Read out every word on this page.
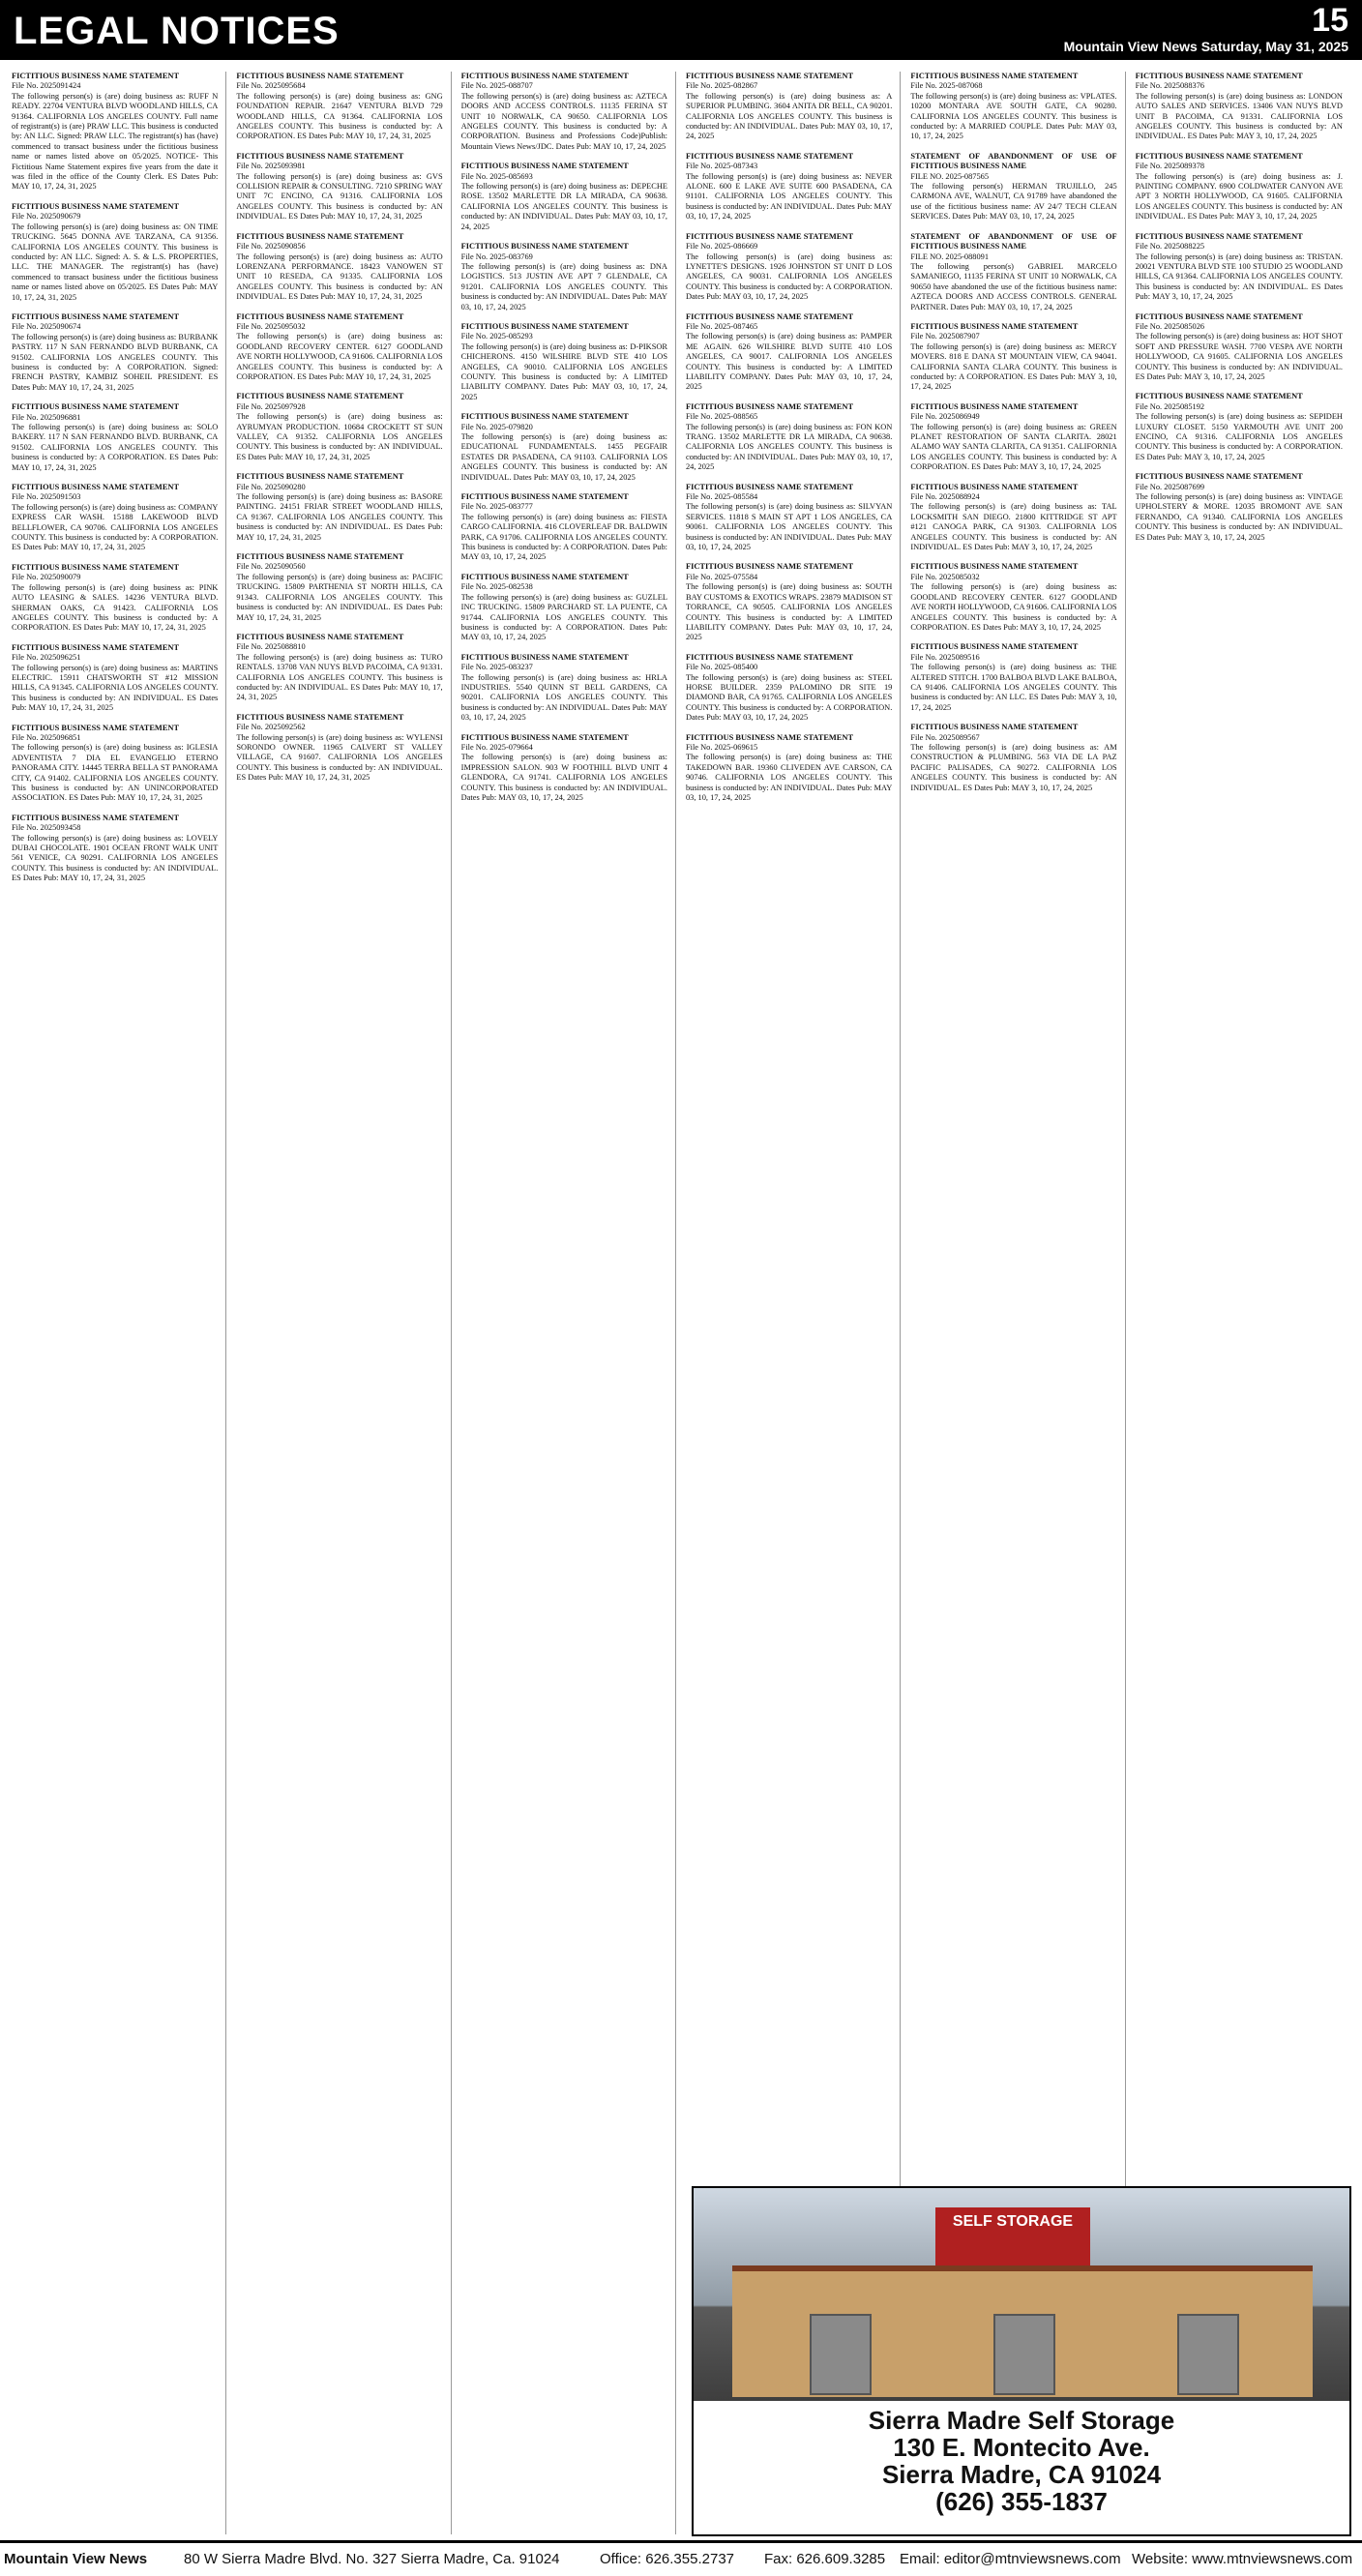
LEGAL NOTICES	15
Mountain View News Saturday, May 31, 2025
FICTITIOUS BUSINESS NAME STATEMENT
File No. 2025091424
The following person(s) is (are) doing business as: RUFF N READY. 22704 VENTURA BLVD WOODLAND HILLS, CA 91364. CALIFORNIA LOS ANGELES COUNTY. Full name of registrant(s) is (are) PRAW LLC. This business is conducted by: AN LLC. Signed: PRAW LLC. The registrant(s) has (have) commenced to transact business under the fictitious business name or names listed above on 05/2025. NOTICE- This Fictitious Name Statement expires five years from the date it was filed in the office of the County Clerk. ES Dates Pub: MAY 10, 17, 24, 31, 2025
FICTITIOUS BUSINESS NAME STATEMENT
File No. 2025090679
The following person(s) is (are) doing business as: ON TIME TRUCKING. 5645 DONNA AVE TARZANA, CA 91356. CALIFORNIA LOS ANGELES COUNTY. This business is conducted by: AN LLC. Signed: A. S. & L.S. PROPERTIES, LLC. THE MANAGER. The registrant(s) has (have) commenced to transact business under the fictitious business name or names listed above on 05/2025. ES Dates Pub: MAY 10, 17, 24, 31, 2025
FICTITIOUS BUSINESS NAME STATEMENT
File No. 2025090674
The following person(s) is (are) doing business as: BURBANK PASTRY. 117 N SAN FERNANDO BLVD BURBANK, CA 91502. CALIFORNIA LOS ANGELES COUNTY. This business is conducted by: A CORPORATION. Signed: FRENCH PASTRY, KAMBIZ SOHEIL PRESIDENT. ES Dates Pub: MAY 10, 17, 24, 31, 2025
FICTITIOUS BUSINESS NAME STATEMENT
File No. 2025096881
The following person(s) is (are) doing business as: SOLO BAKERY. 117 N SAN FERNANDO BLVD. BURBANK, CA 91502. CALIFORNIA LOS ANGELES COUNTY. This business is conducted by: A CORPORATION. ES Dates Pub: MAY 10, 17, 24, 31, 2025
FICTITIOUS BUSINESS NAME STATEMENT
File No. 2025091503
The following person(s) is (are) doing business as: COMPANY EXPRESS CAR WASH. 15188 LAKEWOOD BLVD BELLFLOWER, CA 90706. CALIFORNIA LOS ANGELES COUNTY. This business is conducted by: A CORPORATION. ES Dates Pub: MAY 10, 17, 24, 31, 2025
FICTITIOUS BUSINESS NAME STATEMENT
File No. 2025090079
The following person(s) is (are) doing business as: PINK AUTO LEASING & SALES. 14236 VENTURA BLVD. SHERMAN OAKS, CA 91423. CALIFORNIA LOS ANGELES COUNTY. This business is conducted by: A CORPORATION. ES Dates Pub: MAY 10, 17, 24, 31, 2025
FICTITIOUS BUSINESS NAME STATEMENT
File No. 2025096251
The following person(s) is (are) doing business as: MARTINS ELECTRIC. 15911 CHATSWORTH ST #12 MISSION HILLS, CA 91345. CALIFORNIA LOS ANGELES COUNTY. This business is conducted by: AN INDIVIDUAL. ES Dates Pub: MAY 10, 17, 24, 31, 2025
FICTITIOUS BUSINESS NAME STATEMENT
File No. 2025096851
The following person(s) is (are) doing business as: IGLESIA ADVENTISTA 7 DIA EL EVANGELIO ETERNO PANORAMA CITY. 14445 TERRA BELLA ST PANORAMA CITY, CA 91402. CALIFORNIA LOS ANGELES COUNTY. This business is conducted by: AN UNINCORPORATED ASSOCIATION. ES Dates Pub: MAY 10, 17, 24, 31, 2025
FICTITIOUS BUSINESS NAME STATEMENT
File No. 2025093458
The following person(s) is (are) doing business as: LOVELY DUBAI CHOCOLATE. 1901 OCEAN FRONT WALK UNIT 561 VENICE, CA 90291. CALIFORNIA LOS ANGELES COUNTY. This business is conducted by: AN INDIVIDUAL. ES Dates Pub: MAY 10, 17, 24, 31, 2025
FICTITIOUS BUSINESS NAME STATEMENT
File No. 2025095684
The following person(s) is (are) doing business as: GNG FOUNDATION REPAIR. 21647 VENTURA BLVD 729 WOODLAND HILLS, CA 91364. CALIFORNIA LOS ANGELES COUNTY. This business is conducted by: A CORPORATION. ES Dates Pub: MAY 10, 17, 24, 31, 2025
FICTITIOUS BUSINESS NAME STATEMENT
File No. 2025093981
The following person(s) is (are) doing business as: GVS COLLISION REPAIR & CONSULTING. 7210 SPRING WAY UNIT 7C ENCINO, CA 91316. CALIFORNIA LOS ANGELES COUNTY. This business is conducted by: AN INDIVIDUAL. ES Dates Pub: MAY 10, 17, 24, 31, 2025
FICTITIOUS BUSINESS NAME STATEMENT
File No. 2025090856
The following person(s) is (are) doing business as: AUTO LORENZANA PERFORMANCE. 18423 VANOWEN ST UNIT 10 RESEDA, CA 91335. CALIFORNIA LOS ANGELES COUNTY. This business is conducted by: AN INDIVIDUAL. ES Dates Pub: MAY 10, 17, 24, 31, 2025
FICTITIOUS BUSINESS NAME STATEMENT
File No. 2025095032
The following person(s) is (are) doing business as: GOODLAND RECOVERY CENTER. 6127 GOODLAND AVE NORTH HOLLYWOOD, CA 91606. CALIFORNIA LOS ANGELES COUNTY. This business is conducted by: A CORPORATION. ES Dates Pub: MAY 10, 17, 24, 31, 2025
FICTITIOUS BUSINESS NAME STATEMENT
File No. 2025097928
The following person(s) is (are) doing business as: AYRUMYAN PRODUCTION. 10684 CROCKETT ST SUN VALLEY, CA 91352. CALIFORNIA LOS ANGELES COUNTY. This business is conducted by: AN INDIVIDUAL. ES Dates Pub: MAY 10, 17, 24, 31, 2025
FICTITIOUS BUSINESS NAME STATEMENT
File No. 2025090280
The following person(s) is (are) doing business as: BASORE PAINTING. 24151 FRIAR STREET WOODLAND HILLS, CA 91367. CALIFORNIA LOS ANGELES COUNTY. This business is conducted by: AN INDIVIDUAL. ES Dates Pub: MAY 10, 17, 24, 31, 2025
FICTITIOUS BUSINESS NAME STATEMENT
File No. 2025090560
The following person(s) is (are) doing business as: PACIFIC TRUCKING. 15809 PARTHENIA ST NORTH HILLS, CA 91343. CALIFORNIA LOS ANGELES COUNTY. This business is conducted by: AN INDIVIDUAL. ES Dates Pub: MAY 10, 17, 24, 31, 2025
FICTITIOUS BUSINESS NAME STATEMENT
File No. 2025088810
The following person(s) is (are) doing business as: TURO RENTALS. 13708 VAN NUYS BLVD PACOIMA, CA 91331. CALIFORNIA LOS ANGELES COUNTY. This business is conducted by: AN INDIVIDUAL. ES Dates Pub: MAY 10, 17, 24, 31, 2025
FICTITIOUS BUSINESS NAME STATEMENT
File No. 2025092562
The following person(s) is (are) doing business as: WYLENSI SORONDO OWNER. 11965 CALVERT ST VALLEY VILLAGE, CA 91607. CALIFORNIA LOS ANGELES COUNTY. This business is conducted by: AN INDIVIDUAL. ES Dates Pub: MAY 10, 17, 24, 31, 2025
FICTITIOUS BUSINESS NAME STATEMENT
File No. 2025-088707
The following person(s) is (are) doing business as: AZTECA DOORS AND ACCESS CONTROLS. 11135 FERINA ST UNIT 10 NORWALK, CA 90650. CALIFORNIA LOS ANGELES COUNTY. This business is conducted by: A CORPORATION. Business and Professions Code)Publish: Mountain Views News/JDC. Dates Pub: MAY 10, 17, 24, 2025
FICTITIOUS BUSINESS NAME STATEMENT
File No. 2025-085693
The following person(s) is (are) doing business as: DEPECHE ROSE. 13502 MARLETTE DR LA MIRADA, CA 90638. CALIFORNIA LOS ANGELES COUNTY. This business is conducted by: AN INDIVIDUAL. Dates Pub: MAY 03, 10, 17, 24, 2025
FICTITIOUS BUSINESS NAME STATEMENT
File No. 2025-083769
The following person(s) is (are) doing business as: DNA LOGISTICS. 513 JUSTIN AVE APT 7 GLENDALE, CA 91201. CALIFORNIA LOS ANGELES COUNTY. This business is conducted by: AN INDIVIDUAL. Dates Pub: MAY 03, 10, 17, 24, 2025
FICTITIOUS BUSINESS NAME STATEMENT
File No. 2025-085293
The following person(s) is (are) doing business as: D-PIKSOR CHICHERONS. 4150 WILSHIRE BLVD STE 410 LOS ANGELES, CA 90010. CALIFORNIA LOS ANGELES COUNTY. This business is conducted by: A LIMITED LIABILITY COMPANY. Dates Pub: MAY 03, 10, 17, 24, 2025
FICTITIOUS BUSINESS NAME STATEMENT
File No. 2025-079820
The following person(s) is (are) doing business as: EDUCATIONAL FUNDAMENTALS. 1455 PEGFAIR ESTATES DR PASADENA, CA 91103. CALIFORNIA LOS ANGELES COUNTY. This business is conducted by: AN INDIVIDUAL. Dates Pub: MAY 03, 10, 17, 24, 2025
FICTITIOUS BUSINESS NAME STATEMENT
File No. 2025-083777
The following person(s) is (are) doing business as: FIESTA CARGO CALIFORNIA. 416 CLOVERLEAF DR. BALDWIN PARK, CA 91706. CALIFORNIA LOS ANGELES COUNTY. This business is conducted by: A CORPORATION. Dates Pub: MAY 03, 10, 17, 24, 2025
FICTITIOUS BUSINESS NAME STATEMENT
File No. 2025-082538
The following person(s) is (are) doing business as: GUZLEL INC TRUCKING. 15809 PARCHARD ST. LA PUENTE, CA 91744. CALIFORNIA LOS ANGELES COUNTY. This business is conducted by: A CORPORATION. Dates Pub: MAY 03, 10, 17, 24, 2025
FICTITIOUS BUSINESS NAME STATEMENT
File No. 2025-083237
The following person(s) is (are) doing business as: HRLA INDUSTRIES. 5540 QUINN ST BELL GARDENS, CA 90201. CALIFORNIA LOS ANGELES COUNTY. This business is conducted by: AN INDIVIDUAL. Dates Pub: MAY 03, 10, 17, 24, 2025
FICTITIOUS BUSINESS NAME STATEMENT
File No. 2025-079664
The following person(s) is (are) doing business as: IMPRESSION SALON. 903 W FOOTHILL BLVD UNIT 4 GLENDORA, CA 91741. CALIFORNIA LOS ANGELES COUNTY. This business is conducted by: AN INDIVIDUAL. Dates Pub: MAY 03, 10, 17, 24, 2025
FICTITIOUS BUSINESS NAME STATEMENT
File No. 2025-082867
The following person(s) is (are) doing business as: A SUPERIOR PLUMBING. 3604 ANITA DR BELL, CA 90201. CALIFORNIA LOS ANGELES COUNTY. This business is conducted by: AN INDIVIDUAL. Dates Pub: MAY 03, 10, 17, 24, 2025
FICTITIOUS BUSINESS NAME STATEMENT
File No. 2025-087343
The following person(s) is (are) doing business as: NEVER ALONE. 600 E LAKE AVE SUITE 600 PASADENA, CA 91101. CALIFORNIA LOS ANGELES COUNTY. This business is conducted by: AN INDIVIDUAL. Dates Pub: MAY 03, 10, 17, 24, 2025
FICTITIOUS BUSINESS NAME STATEMENT
File No. 2025-086669
The following person(s) is (are) doing business as: LYNETTE'S DESIGNS. 1926 JOHNSTON ST UNIT D LOS ANGELES, CA 90031. CALIFORNIA LOS ANGELES COUNTY. This business is conducted by: A CORPORATION. Dates Pub: MAY 03, 10, 17, 24, 2025
FICTITIOUS BUSINESS NAME STATEMENT
File No. 2025-087465
The following person(s) is (are) doing business as: PAMPER ME AGAIN. 626 WILSHIRE BLVD SUITE 410 LOS ANGELES, CA 90017. CALIFORNIA LOS ANGELES COUNTY. This business is conducted by: A LIMITED LIABILITY COMPANY. Dates Pub: MAY 03, 10, 17, 24, 2025
FICTITIOUS BUSINESS NAME STATEMENT
File No. 2025-088565
The following person(s) is (are) doing business as: FON KON TRANG. 13502 MARLETTE DR LA MIRADA, CA 90638. CALIFORNIA LOS ANGELES COUNTY. This business is conducted by: AN INDIVIDUAL. Dates Pub: MAY 03, 10, 17, 24, 2025
FICTITIOUS BUSINESS NAME STATEMENT
File No. 2025-085584
The following person(s) is (are) doing business as: SILVYAN SERVICES. 11818 S MAIN ST APT 1 LOS ANGELES, CA 90061. CALIFORNIA LOS ANGELES COUNTY. This business is conducted by: AN INDIVIDUAL. Dates Pub: MAY 03, 10, 17, 24, 2025
FICTITIOUS BUSINESS NAME STATEMENT
File No. 2025-075584
The following person(s) is (are) doing business as: SOUTH BAY CUSTOMS & EXOTICS WRAPS. 23879 MADISON ST TORRANCE, CA 90505. CALIFORNIA LOS ANGELES COUNTY. This business is conducted by: A LIMITED LIABILITY COMPANY. Dates Pub: MAY 03, 10, 17, 24, 2025
FICTITIOUS BUSINESS NAME STATEMENT
File No. 2025-085400
The following person(s) is (are) doing business as: STEEL HORSE BUILDER. 2359 PALOMINO DR SITE 19 DIAMOND BAR, CA 91765. CALIFORNIA LOS ANGELES COUNTY. This business is conducted by: A CORPORATION. Dates Pub: MAY 03, 10, 17, 24, 2025
FICTITIOUS BUSINESS NAME STATEMENT
File No. 2025-069615
The following person(s) is (are) doing business as: THE TAKEDOWN BAR. 19360 CLIVEDEN AVE CARSON, CA 90746. CALIFORNIA LOS ANGELES COUNTY. This business is conducted by: AN INDIVIDUAL. Dates Pub: MAY 03, 10, 17, 24, 2025
FICTITIOUS BUSINESS NAME STATEMENT
File No. 2025-087068
The following person(s) is (are) doing business as: VPLATES. 10200 MONTARA AVE SOUTH GATE, CA 90280. CALIFORNIA LOS ANGELES COUNTY. This business is conducted by: A MARRIED COUPLE. Dates Pub: MAY 03, 10, 17, 24, 2025
STATEMENT OF ABANDONMENT OF USE OF FICTITIOUS BUSINESS NAME
FILE NO. 2025-087565
The following person(s) HERMAN TRUJILLO, 245 CARMONA AVE, WALNUT, CA 91789 have abandoned the use of the fictitious business name: AV 24/7 TECH CLEAN SERVICES. Dates Pub: MAY 03, 10, 17, 24, 2025
STATEMENT OF ABANDONMENT OF USE OF FICTITIOUS BUSINESS NAME
FILE NO. 2025-088091
The following person(s) GABRIEL MARCELO SAMANIEGO, 11135 FERINA ST UNIT 10 NORWALK, CA 90650 have abandoned the use of the fictitious business name: AZTECA DOORS AND ACCESS CONTROLS. GENERAL PARTNER. Dates Pub: MAY 03, 10, 17, 24, 2025
FICTITIOUS BUSINESS NAME STATEMENT
File No. 2025087907
The following person(s) is (are) doing business as: MERCY MOVERS. 818 E DANA ST MOUNTAIN VIEW, CA 94041. CALIFORNIA SANTA CLARA COUNTY. This business is conducted by: A CORPORATION. ES Dates Pub: MAY 3, 10, 17, 24, 2025
FICTITIOUS BUSINESS NAME STATEMENT
File No. 2025086949
The following person(s) is (are) doing business as: GREEN PLANET RESTORATION OF SANTA CLARITA. 28021 ALAMO WAY SANTA CLARITA, CA 91351. CALIFORNIA LOS ANGELES COUNTY. This business is conducted by: A CORPORATION. ES Dates Pub: MAY 3, 10, 17, 24, 2025
FICTITIOUS BUSINESS NAME STATEMENT
File No. 2025088924
The following person(s) is (are) doing business as: TAL LOCKSMITH SAN DIEGO. 21800 KITTRIDGE ST APT #121 CANOGA PARK, CA 91303. CALIFORNIA LOS ANGELES COUNTY. This business is conducted by: AN INDIVIDUAL. ES Dates Pub: MAY 3, 10, 17, 24, 2025
FICTITIOUS BUSINESS NAME STATEMENT
File No. 2025085032
The following person(s) is (are) doing business as: GOODLAND RECOVERY CENTER. 6127 GOODLAND AVE NORTH HOLLYWOOD, CA 91606. CALIFORNIA LOS ANGELES COUNTY. This business is conducted by: A CORPORATION. ES Dates Pub: MAY 3, 10, 17, 24, 2025
FICTITIOUS BUSINESS NAME STATEMENT
File No. 2025089516
The following person(s) is (are) doing business as: THE ALTERED STITCH. 1700 BALBOA BLVD LAKE BALBOA, CA 91406. CALIFORNIA LOS ANGELES COUNTY. This business is conducted by: AN LLC. ES Dates Pub: MAY 3, 10, 17, 24, 2025
FICTITIOUS BUSINESS NAME STATEMENT
File No. 2025089567
The following person(s) is (are) doing business as: AM CONSTRUCTION & PLUMBING. 563 VIA DE LA PAZ PACIFIC PALISADES, CA 90272. CALIFORNIA LOS ANGELES COUNTY. This business is conducted by: AN INDIVIDUAL. ES Dates Pub: MAY 3, 10, 17, 24, 2025
FICTITIOUS BUSINESS NAME STATEMENT
File No. 2025088376
The following person(s) is (are) doing business as: LONDON AUTO SALES AND SERVICES. 13406 VAN NUYS BLVD UNIT B PACOIMA, CA 91331. CALIFORNIA LOS ANGELES COUNTY. This business is conducted by: AN INDIVIDUAL. ES Dates Pub: MAY 3, 10, 17, 24, 2025
FICTITIOUS BUSINESS NAME STATEMENT
File No. 2025089378
The following person(s) is (are) doing business as: J. PAINTING COMPANY. 6900 COLDWATER CANYON AVE APT 3 NORTH HOLLYWOOD, CA 91605. CALIFORNIA LOS ANGELES COUNTY. This business is conducted by: AN INDIVIDUAL. ES Dates Pub: MAY 3, 10, 17, 24, 2025
FICTITIOUS BUSINESS NAME STATEMENT
File No. 2025088225
The following person(s) is (are) doing business as: TRISTAN. 20021 VENTURA BLVD STE 100 STUDIO 25 WOODLAND HILLS, CA 91364. CALIFORNIA LOS ANGELES COUNTY. This business is conducted by: AN INDIVIDUAL. ES Dates Pub: MAY 3, 10, 17, 24, 2025
FICTITIOUS BUSINESS NAME STATEMENT
File No. 2025085026
The following person(s) is (are) doing business as: HOT SHOT SOFT AND PRESSURE WASH. 7700 VESPA AVE NORTH HOLLYWOOD, CA 91605. CALIFORNIA LOS ANGELES COUNTY. This business is conducted by: AN INDIVIDUAL. ES Dates Pub: MAY 3, 10, 17, 24, 2025
FICTITIOUS BUSINESS NAME STATEMENT
File No. 2025085192
The following person(s) is (are) doing business as: SEPIDEH LUXURY CLOSET. 5150 YARMOUTH AVE UNIT 200 ENCINO, CA 91316. CALIFORNIA LOS ANGELES COUNTY. This business is conducted by: A CORPORATION. ES Dates Pub: MAY 3, 10, 17, 24, 2025
FICTITIOUS BUSINESS NAME STATEMENT
File No. 2025087699
The following person(s) is (are) doing business as: VINTAGE UPHOLSTERY & MORE. 12035 BROMONT AVE SAN FERNANDO, CA 91340. CALIFORNIA LOS ANGELES COUNTY. This business is conducted by: AN INDIVIDUAL. ES Dates Pub: MAY 3, 10, 17, 24, 2025
SELF STORAGE
Sierra Madre Self Storage
130 E. Montecito Ave.
Sierra Madre, CA 91024
(626) 355-1837
Mountain View News	80 W Sierra Madre Blvd. No. 327 Sierra Madre, Ca. 91024	Office: 626.355.2737 Fax: 626.609.3285 Email: editor@mtnviewsnews.com Website: www.mtnviewsnews.com
